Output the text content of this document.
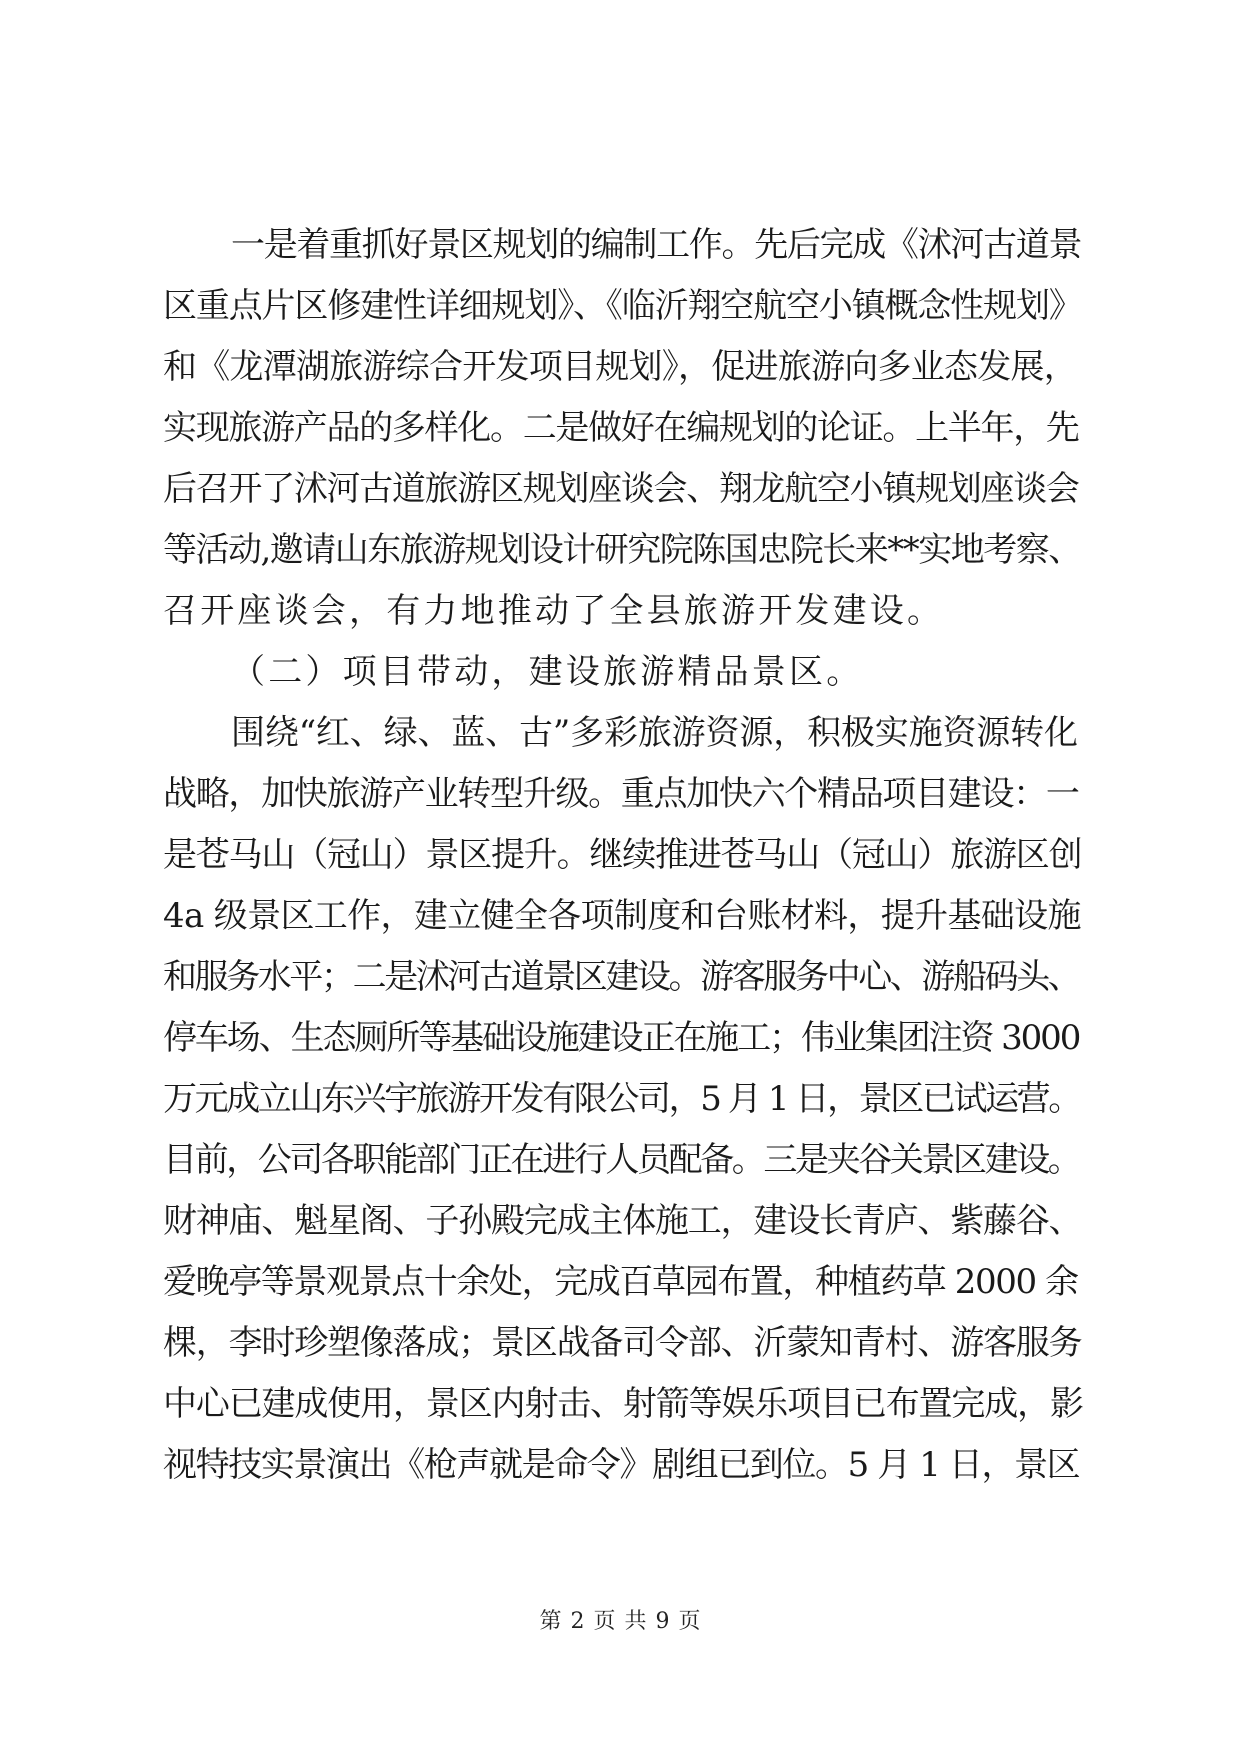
一是着重抓好景区规划的编制工作。先后完成《沭河古道景
区重点片区修建性详细规划》、《临沂翔空航空小镇概念性规划》
和《龙潭湖旅游综合开发项目规划》，促进旅游向多业态发展，
实现旅游产品的多样化。二是做好在编规划的论证。上半年，先
后召开了沭河古道旅游区规划座谈会、翔龙航空小镇规划座谈会
等活动,邀请山东旅游规划设计研究院陈国忠院长来**实地考察、
召开座谈会，有力地推动了全县旅游开发建设。
（二）项目带动，建设旅游精品景区。
围绕“红、绿、蓝、古”多彩旅游资源，积极实施资源转化
战略，加快旅游产业转型升级。重点加快六个精品项目建设：一
是苍马山（冠山）景区提升。继续推进苍马山（冠山）旅游区创
4a 级景区工作，建立健全各项制度和台账材料，提升基础设施
和服务水平；二是沭河古道景区建设。游客服务中心、游船码头、
停车场、生态厕所等基础设施建设正在施工；伟业集团注资 3000
万元成立山东兴宇旅游开发有限公司，5 月 1 日，景区已试运营。
目前，公司各职能部门正在进行人员配备。三是夹谷关景区建设。
财神庙、魁星阁、子孙殿完成主体施工，建设长青庐、紫藤谷、
爱晚亭等景观景点十余处，完成百草园布置，种植药草 2000 余
棵，李时珍塑像落成；景区战备司令部、沂蒙知青村、游客服务
中心已建成使用，景区内射击、射箭等娱乐项目已布置完成，影
视特技实景演出《枪声就是命令》剧组已到位。5 月 1 日，景区
第 2 页 共 9 页
